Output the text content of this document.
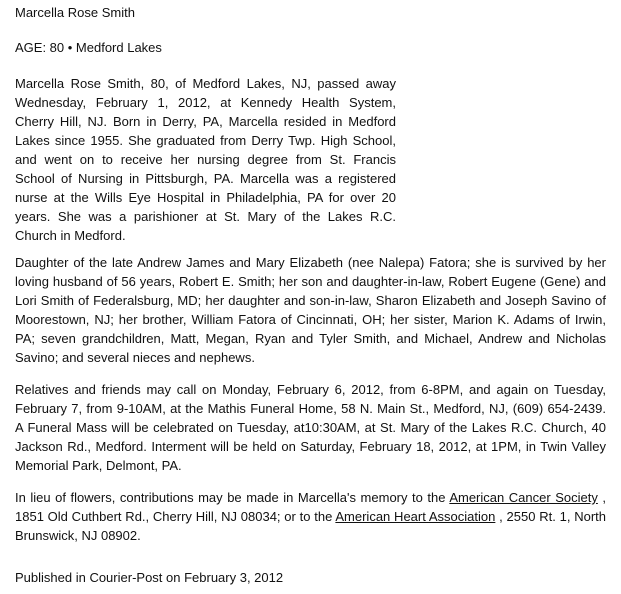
Marcella Rose Smith
AGE: 80 • Medford Lakes

Marcella Rose Smith, 80, of Medford Lakes, NJ, passed away Wednesday, February 1, 2012, at Kennedy Health System, Cherry Hill, NJ. Born in Derry, PA, Marcella resided in Medford Lakes since 1955. She graduated from Derry Twp. High School, and went on to receive her nursing degree from St. Francis School of Nursing in Pittsburgh, PA. Marcella was a registered nurse at the Wills Eye Hospital in Philadelphia, PA for over 20 years. She was a parishioner at St. Mary of the Lakes R.C. Church in Medford.

Daughter of the late Andrew James and Mary Elizabeth (nee Nalepa) Fatora; she is survived by her loving husband of 56 years, Robert E. Smith; her son and daughter-in-law, Robert Eugene (Gene) and Lori Smith of Federalsburg, MD; her daughter and son-in-law, Sharon Elizabeth and Joseph Savino of Moorestown, NJ; her brother, William Fatora of Cincinnati, OH; her sister, Marion K. Adams of Irwin, PA; seven grandchildren, Matt, Megan, Ryan and Tyler Smith, and Michael, Andrew and Nicholas Savino; and several nieces and nephews.

Relatives and friends may call on Monday, February 6, 2012, from 6-8PM, and again on Tuesday, February 7, from 9-10AM, at the Mathis Funeral Home, 58 N. Main St., Medford, NJ, (609) 654-2439. A Funeral Mass will be celebrated on Tuesday, at10:30AM, at St. Mary of the Lakes R.C. Church, 40 Jackson Rd., Medford. Interment will be held on Saturday, February 18, 2012, at 1PM, in Twin Valley Memorial Park, Delmont, PA.

In lieu of flowers, contributions may be made in Marcella's memory to the American Cancer Society , 1851 Old Cuthbert Rd., Cherry Hill, NJ 08034; or to the American Heart Association , 2550 Rt. 1, North Brunswick, NJ 08902.

Published in Courier-Post on February 3, 2012
